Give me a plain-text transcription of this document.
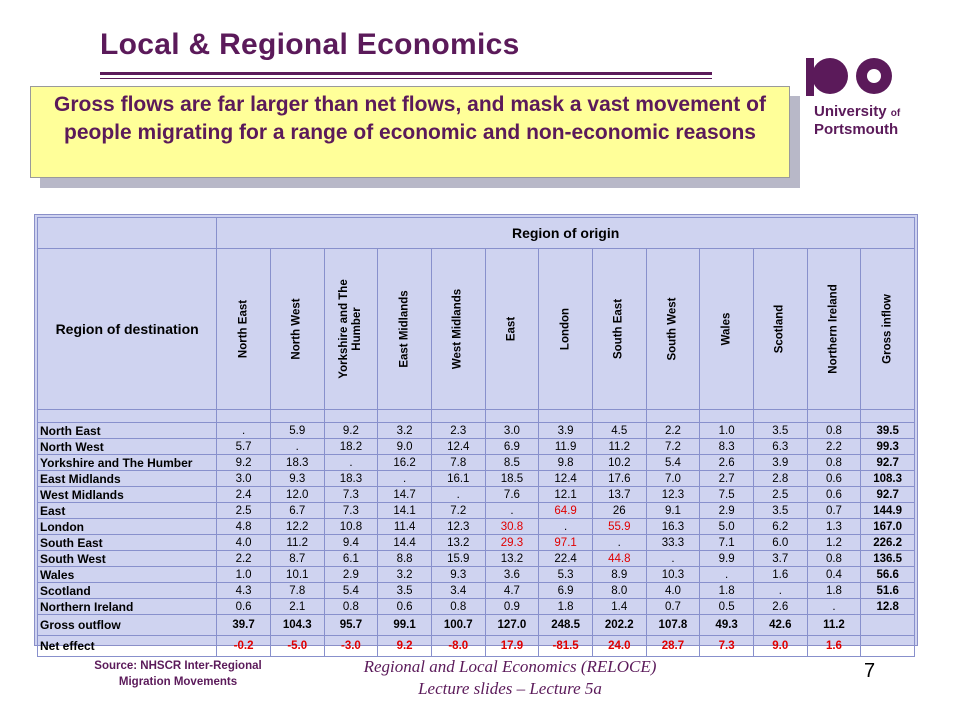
Local & Regional Economics
University of
Portsmouth
Gross flows are far larger than net flows, and mask a vast movement of people migrating for a range of economic and non-economic reasons
	Region of origin												
Region of destination	North East	North West	Yorkshire and The Humber	East Midlands	West Midlands	East	London	South East	South West	Wales	Scotland	Northern Ireland	Gross inflow

North East	.	5.9	9.2	3.2	2.3	3.0	3.9	4.5	2.2	1.0	3.5	0.8	39.5
North West	5.7	.	18.2	9.0	12.4	6.9	11.9	11.2	7.2	8.3	6.3	2.2	99.3
Yorkshire and The Humber	9.2	18.3	.	16.2	7.8	8.5	9.8	10.2	5.4	2.6	3.9	0.8	92.7
East Midlands	3.0	9.3	18.3	.	16.1	18.5	12.4	17.6	7.0	2.7	2.8	0.6	108.3
West Midlands	2.4	12.0	7.3	14.7	.	7.6	12.1	13.7	12.3	7.5	2.5	0.6	92.7
East	2.5	6.7	7.3	14.1	7.2	.	64.9	26	9.1	2.9	3.5	0.7	144.9
London	4.8	12.2	10.8	11.4	12.3	30.8	.	55.9	16.3	5.0	6.2	1.3	167.0
South East	4.0	11.2	9.4	14.4	13.2	29.3	97.1	.	33.3	7.1	6.0	1.2	226.2
South West	2.2	8.7	6.1	8.8	15.9	13.2	22.4	44.8	.	9.9	3.7	0.8	136.5
Wales	1.0	10.1	2.9	3.2	9.3	3.6	5.3	8.9	10.3	.	1.6	0.4	56.6
Scotland	4.3	7.8	5.4	3.5	3.4	4.7	6.9	8.0	4.0	1.8	.	1.8	51.6
Northern Ireland	0.6	2.1	0.8	0.6	0.8	0.9	1.8	1.4	0.7	0.5	2.6	.	12.8
Gross outflow	39.7	104.3	95.7	99.1	100.7	127.0	248.5	202.2	107.8	49.3	42.6	11.2	
Net effect	-0.2	-5.0	-3.0	9.2	-8.0	17.9	-81.5	24.0	28.7	7.3	9.0	1.6	
Source: NHSCR Inter-Regional Migration Movements
Regional and Local Economics (RELOCE)
Lecture slides – Lecture 5a
7
